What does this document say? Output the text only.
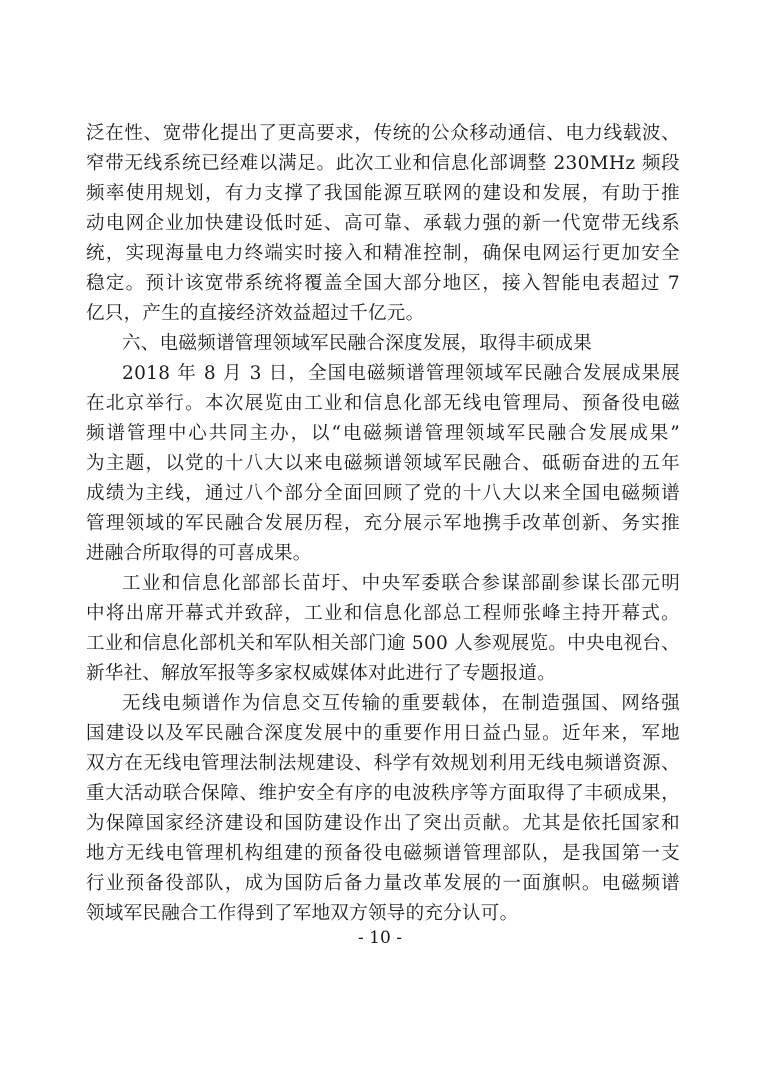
泛在性、宽带化提出了更高要求，传统的公众移动通信、电力线载波、

窄带无线系统已经难以满足。此次工业和信息化部调整 230MHz 频段

频率使用规划，有力支撑了我国能源互联网的建设和发展，有助于推

动电网企业加快建设低时延、高可靠、承载力强的新一代宽带无线系

统，实现海量电力终端实时接入和精准控制，确保电网运行更加安全

稳定。预计该宽带系统将覆盖全国大部分地区，接入智能电表超过 7

亿只，产生的直接经济效益超过千亿元。

六、电磁频谱管理领域军民融合深度发展，取得丰硕成果

2018 年 8 月 3 日，全国电磁频谱管理领域军民融合发展成果展

在北京举行。本次展览由工业和信息化部无线电管理局、预备役电磁

频谱管理中心共同主办，以“电磁频谱管理领域军民融合发展成果”

为主题，以党的十八大以来电磁频谱领域军民融合、砥砺奋进的五年

成绩为主线，通过八个部分全面回顾了党的十八大以来全国电磁频谱

管理领域的军民融合发展历程，充分展示军地携手改革创新、务实推

进融合所取得的可喜成果。

工业和信息化部部长苗圩、中央军委联合参谋部副参谋长邵元明

中将出席开幕式并致辞，工业和信息化部总工程师张峰主持开幕式。

工业和信息化部机关和军队相关部门逾 500 人参观展览。中央电视台、

新华社、解放军报等多家权威媒体对此进行了专题报道。

无线电频谱作为信息交互传输的重要载体，在制造强国、网络强

国建设以及军民融合深度发展中的重要作用日益凸显。近年来，军地

双方在无线电管理法制法规建设、科学有效规划利用无线电频谱资源、

重大活动联合保障、维护安全有序的电波秩序等方面取得了丰硕成果，

为保障国家经济建设和国防建设作出了突出贡献。尤其是依托国家和

地方无线电管理机构组建的预备役电磁频谱管理部队，是我国第一支

行业预备役部队，成为国防后备力量改革发展的一面旗帜。电磁频谱

领域军民融合工作得到了军地双方领导的充分认可。

- 10 -
